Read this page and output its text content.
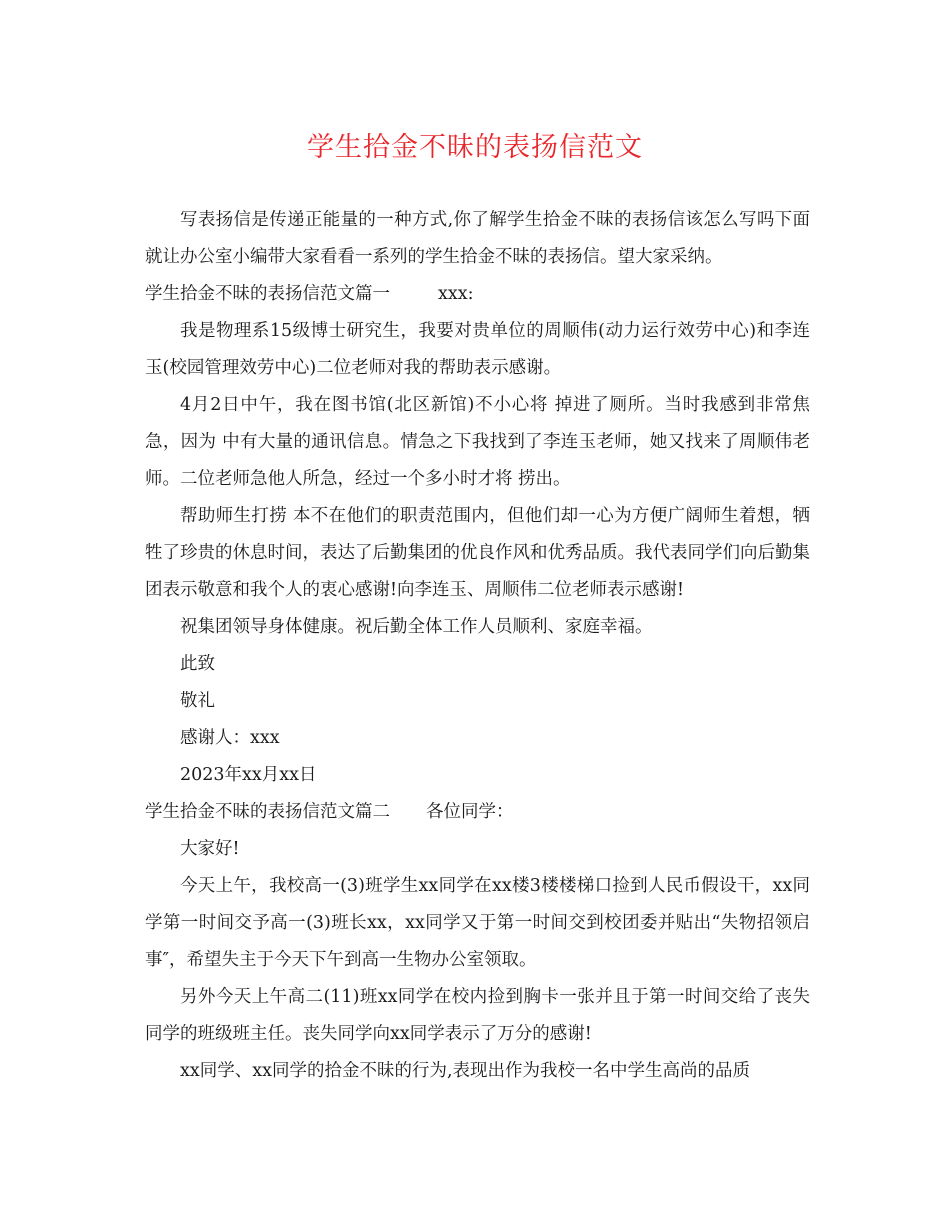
学生拾金不昧的表扬信范文

写表扬信是传递正能量的一种方式,你了解学生拾金不昧的表扬信该怎么写吗下面就让办公室小编带大家看看一系列的学生拾金不昧的表扬信。望大家采纳。

学生拾金不昧的表扬信范文篇一	xxx:

我是物理系15级博士研究生，我要对贵单位的周顺伟(动力运行效劳中心)和李连玉(校园管理效劳中心)二位老师对我的帮助表示感谢。

4月2日中午，我在图书馆(北区新馆)不小心将 掉进了厕所。当时我感到非常焦急，因为 中有大量的通讯信息。情急之下我找到了李连玉老师，她又找来了周顺伟老师。二位老师急他人所急，经过一个多小时才将 捞出。

帮助师生打捞 本不在他们的职责范围内，但他们却一心为方便广阔师生着想，牺牲了珍贵的休息时间，表达了后勤集团的优良作风和优秀品质。我代表同学们向后勤集团表示敬意和我个人的衷心感谢!向李连玉、周顺伟二位老师表示感谢!

祝集团领导身体健康。祝后勤全体工作人员顺利、家庭幸福。

此致

敬礼

感谢人：xxx

2023年xx月xx日

学生拾金不昧的表扬信范文篇二 各位同学：

大家好!

今天上午，我校高一(3)班学生xx同学在xx楼3楼楼梯口捡到人民币假设干，xx同学第一时间交予高一(3)班长xx，xx同学又于第一时间交到校团委并贴出“失物招领启事″，希望失主于今天下午到高一生物办公室领取。

另外今天上午高二(11)班xx同学在校内捡到胸卡一张并且于第一时间交给了丧失同学的班级班主任。丧失同学向xx同学表示了万分的感谢!

xx同学、xx同学的拾金不昧的行为,表现出作为我校一名中学生高尚的品质
